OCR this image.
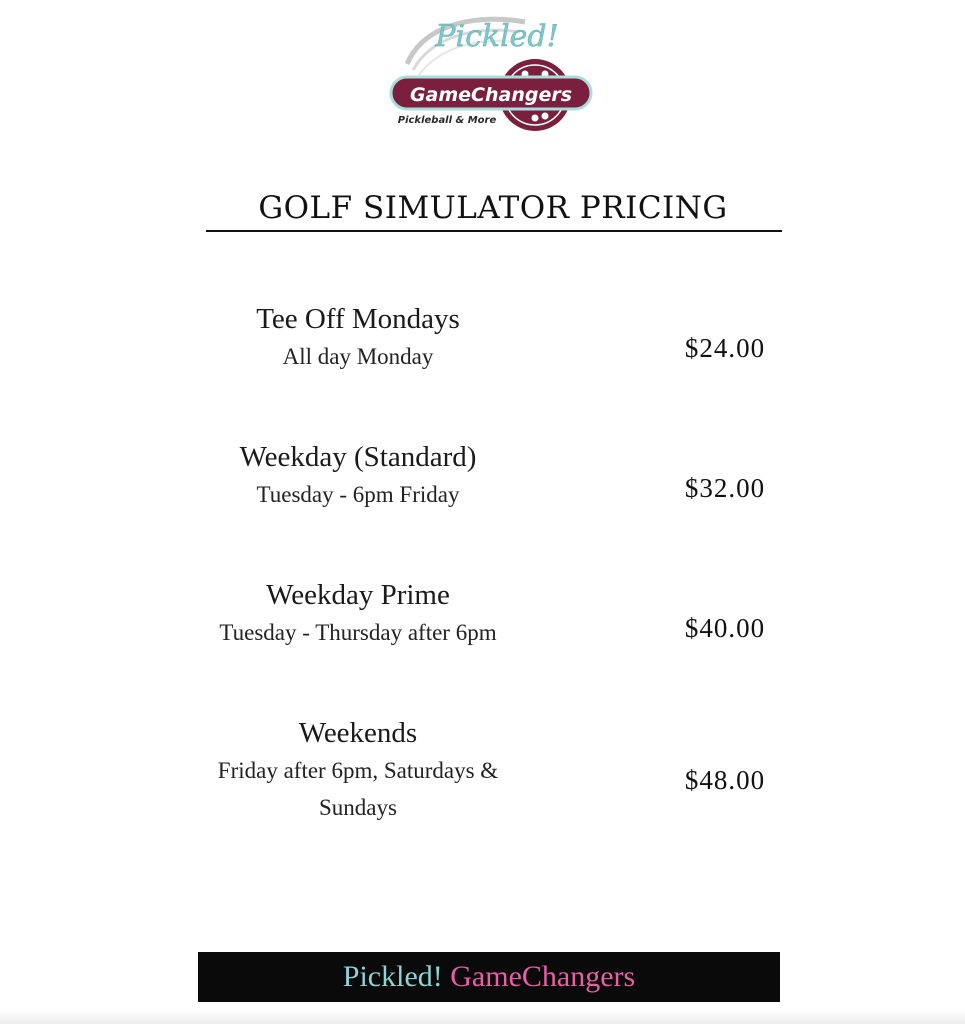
Pickled!
GameChangers
Pickleball & More
GOLF SIMULATOR PRICING
Tee Off Mondays
All day Monday	$24.00
Weekday (Standard)
Tuesday - 6pm Friday	$32.00
Weekday Prime
Tuesday - Thursday after 6pm	$40.00
Weekends
Friday after 6pm, Saturdays &
Sundays
$48.00
Pickled! GameChangers
